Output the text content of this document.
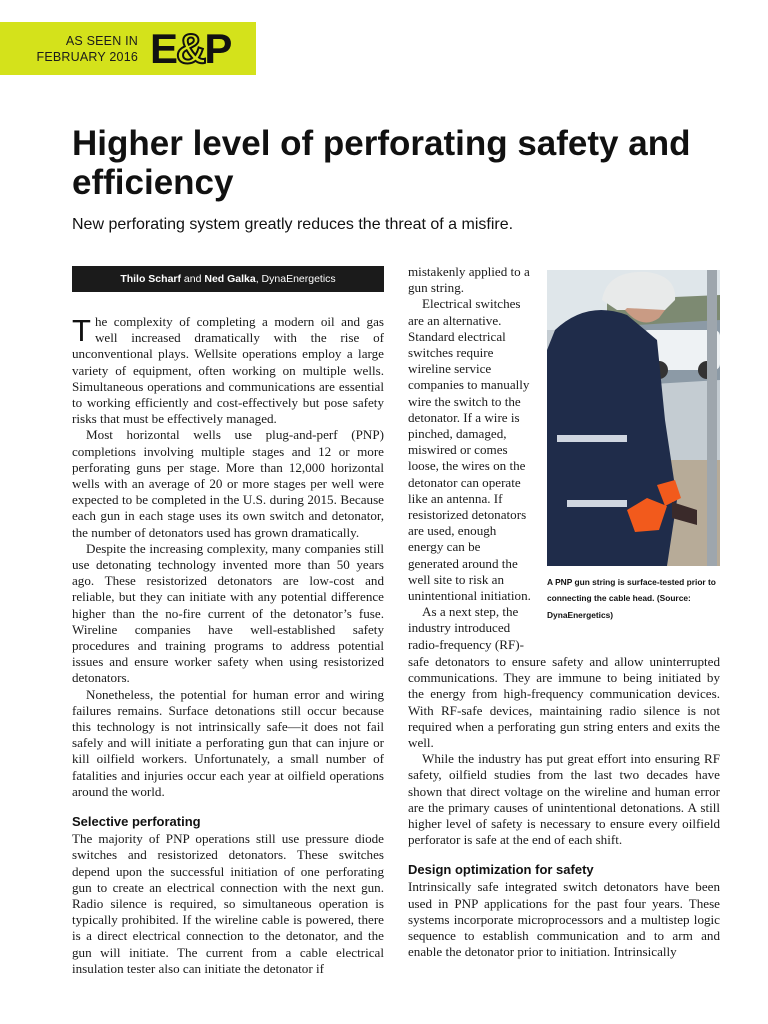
AS SEEN IN
FEBRUARY 2016 E&P
Higher level of perforating safety and efficiency

New perforating system greatly reduces the threat of a misfire.

Thilo Scharf and Ned Galka, DynaEnergetics

The complexity of completing a modern oil and gas well increased dramatically with the rise of unconventional plays. Wellsite operations employ a large variety of equipment, often working on multiple wells. Simultaneous operations and communications are essential to working efficiently and cost-effectively but pose safety risks that must be effectively managed.

Most horizontal wells use plug-and-perf (PNP) completions involving multiple stages and 12 or more perforating guns per stage. More than 12,000 horizontal wells with an average of 20 or more stages per well were expected to be completed in the U.S. during 2015. Because each gun in each stage uses its own switch and detonator, the number of detonators used has grown dramatically.

Despite the increasing complexity, many companies still use detonating technology invented more than 50 years ago. These resistorized detonators are low-cost and reliable, but they can initiate with any potential difference higher than the no-fire current of the detonator’s fuse. Wireline companies have well-established safety procedures and training programs to address potential issues and ensure worker safety when using resistorized detonators.

Nonetheless, the potential for human error and wiring failures remains. Surface detonations still occur because this technology is not intrinsically safe—it does not fail safely and will initiate a perforating gun that can injure or kill oilfield workers. Unfortunately, a small number of fatalities and injuries occur each year at oilfield operations around the world.

Selective perforating

The majority of PNP operations still use pressure diode switches and resistorized detonators. These switches depend upon the successful initiation of one perforating gun to create an electrical connection with the next gun. Radio silence is required, so simultaneous operation is typically prohibited. If the wireline cable is powered, there is a direct electrical connection to the detonator, and the gun will initiate. The current from a cable electrical insulation tester also can initiate the detonator if

mistakenly applied to a gun string.

Electrical switches are an alternative. Standard electrical switches require wireline service companies to manually wire the switch to the detonator. If a wire is pinched, damaged, miswired or comes loose, the wires on the detonator can operate like an antenna. If resistorized detonators are used, enough energy can be generated around the well site to risk an unintentional initiation.

As a next step, the industry introduced radio-frequency (RF)-

A PNP gun string is surface-tested prior to connecting the cable head. (Source: DynaEnergetics)

safe detonators to ensure safety and allow uninterrupted communications. They are immune to being initiated by the energy from high-frequency communication devices. With RF-safe devices, maintaining radio silence is not required when a perforating gun string enters and exits the well.

While the industry has put great effort into ensuring RF safety, oilfield studies from the last two decades have shown that direct voltage on the wireline and human error are the primary causes of unintentional detonations. A still higher level of safety is necessary to ensure every oilfield perforator is safe at the end of each shift.

Design optimization for safety

Intrinsically safe integrated switch detonators have been used in PNP applications for the past four years. These systems incorporate microprocessors and a multistep logic sequence to establish communication and to arm and enable the detonator prior to initiation. Intrinsically
